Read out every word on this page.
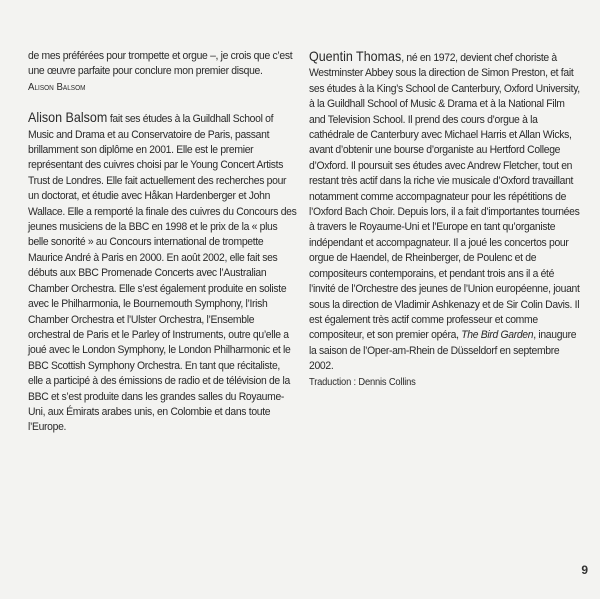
de mes préférées pour trompette et orgue –, je crois que c’est une œuvre parfaite pour conclure mon premier disque.

Alison Balsom

Alison Balsom fait ses études à la Guildhall School of Music and Drama et au Conservatoire de Paris, passant brillamment son diplôme en 2001. Elle est le premier représentant des cuivres choisi par le Young Concert Artists Trust de Londres. Elle fait actuellement des recherches pour un doctorat, et étudie avec Håkan Hardenberger et John Wallace. Elle a remporté la finale des cuivres du Concours des jeunes musiciens de la BBC en 1998 et le prix de la « plus belle sonorité » au Concours international de trompette Maurice André à Paris en 2000. En août 2002, elle fait ses débuts aux BBC Promenade Concerts avec l’Australian Chamber Orchestra. Elle s’est également produite en soliste avec le Philharmonia, le Bournemouth Symphony, l’Irish Chamber Orchestra et l’Ulster Orchestra, l’Ensemble orchestral de Paris et le Parley of Instruments, outre qu’elle a joué avec le London Symphony, le London Philharmonic et le BBC Scottish Symphony Orchestra. En tant que récitaliste, elle a participé à des émissions de radio et de télévision de la BBC et s’est produite dans les grandes salles du Royaume-Uni, aux Émirats arabes unis, en Colombie et dans toute l’Europe.

Quentin Thomas, né en 1972, devient chef choriste à Westminster Abbey sous la direction de Simon Preston, et fait ses études à la King’s School de Canterbury, Oxford University, à la Guildhall School of Music & Drama et à la National Film and Television School. Il prend des cours d’orgue à la cathédrale de Canterbury avec Michael Harris et Allan Wicks, avant d’obtenir une bourse d’organiste au Hertford College d’Oxford. Il poursuit ses études avec Andrew Fletcher, tout en restant très actif dans la riche vie musicale d’Oxford travaillant notamment comme accompagnateur pour les répétitions de l’Oxford Bach Choir. Depuis lors, il a fait d’importantes tournées à travers le Royaume-Uni et l’Europe en tant qu’organiste indépendant et accompagnateur. Il a joué les concertos pour orgue de Haendel, de Rheinberger, de Poulenc et de compositeurs contemporains, et pendant trois ans il a été l’invité de l’Orchestre des jeunes de l’Union européenne, jouant sous la direction de Vladimir Ashkenazy et de Sir Colin Davis. Il est également très actif comme professeur et comme compositeur, et son premier opéra, The Bird Garden, inaugure la saison de l’Oper-am-Rhein de Düsseldorf en septembre 2002.

Traduction : Dennis Collins

9
